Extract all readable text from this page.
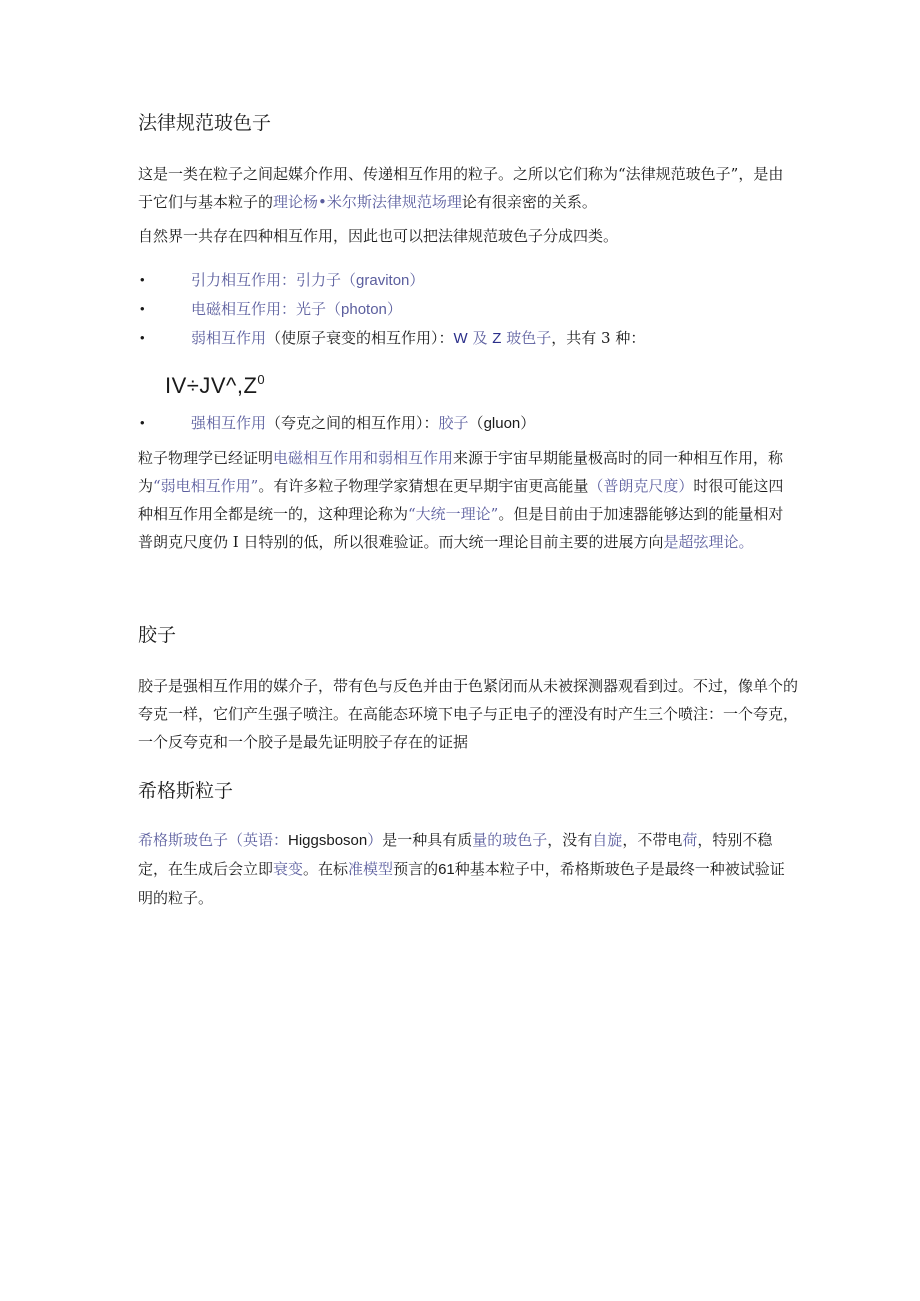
法律规范玻色子

这是一类在粒子之间起媒介作用、传递相互作用的粒子。之所以它们称为“法律规范玻色子”，是由于它们与基本粒子的理论杨•米尔斯法律规范场理论有很亲密的关系。

自然界一共存在四种相互作用，因此也可以把法律规范玻色子分成四类。

•	引力相互作用：引力子（graviton）
•	电磁相互作用：光子（photon）
•	弱相互作用（使原子衰变的相互作用）：W 及 Z 玻色子，共有 3 种：
$IV\div JV\^{},Z^0$
•	强相互作用（夸克之间的相互作用）：胶子（gluon）

粒子物理学已经证明电磁相互作用和弱相互作用来源于宇宙早期能量极高时的同一种相互作用，称为“弱电相互作用”。有许多粒子物理学家猜想在更早期宇宙更高能量（普朗克尺度）时很可能这四种相互作用全都是统一的，这种理论称为“大统一理论”。但是目前由于加速器能够达到的能量相对普朗克尺度仍 I 日特别的低，所以很难验证。而大统一理论目前主要的进展方向是超弦理论。

胶子

胶子是强相互作用的媒介子，带有色与反色并由于色紧闭而从未被探测器观看到过。不过，像单个的夸克一样，它们产生强子喷注。在高能态环境下电子与正电子的湮没有时产生三个喷注：一个夸克，一个反夸克和一个胶子是最先证明胶子存在的证据

希格斯粒子

希格斯玻色子（英语：Higgsboson）是一种具有质量的玻色子，没有自旋，不带电荷，特别不稳定，在生成后会立即衰变。在标准模型预言的61种基本粒子中，希格斯玻色子是最终一种被试验证明的粒子。
